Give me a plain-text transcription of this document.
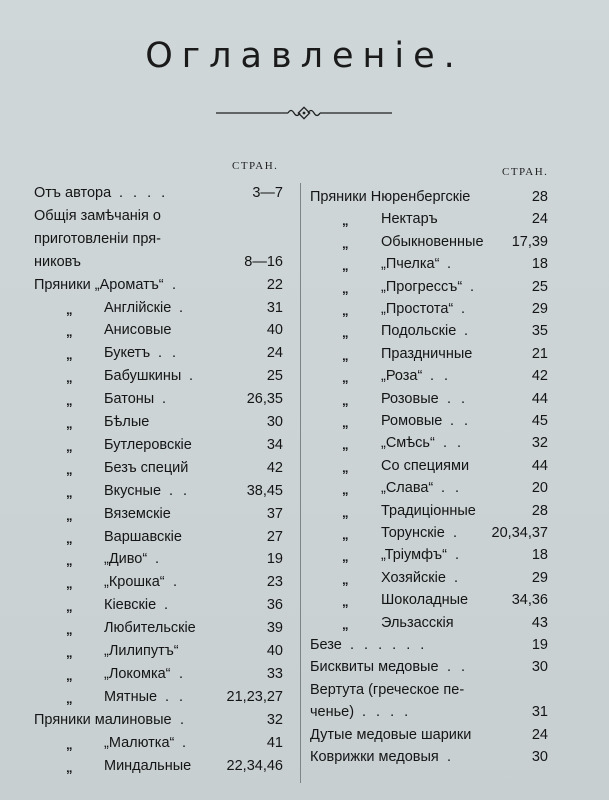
Оглавленіе.
СТРАН.	СТРАН.
Отъ автора . . . .	3—7
Общія замѣчанія о
приготовленіи пря-
никовъ	8—16
Пряники „Ароматъ“ .	22
„ Англійскіе .	31
„ Анисовые	40
„ Букетъ . .	24
„ Бабушкины .	25
„ Батоны .	26,35
„ Бѣлые	30
„ Бутлеровскіе	34
„ Безъ специй	42
„ Вкусные . .	38,45
„ Вяземскіе	37
„ Варшавскіе	27
„ „Диво“ .	19
„ „Крошка“ .	23
„ Кіевскіе .	36
„ Любительскіе	39
„ „Лилипутъ“	40
„ „Локомка“ .	33
„ Мятные . .	21,23,27
Пряники малиновые .	32
„ „Малютка“ .	41
„ Миндальные 22,34,46
Пряники Нюренбергскіе	28
„ Нектаръ	24
„ Обыкновенные 17,39
„ „Пчелка“ .	18
„ „Прогрессъ“ .	25
„ „Простота“ .	29
„ Подольскіе .	35
„ Праздничные	21
„ „Роза“ . .	42
„ Розовые . .	44
„ Ромовые . .	45
„ „Смѣсь“ . .	32
„ Со специями	44
„ „Слава“ . .	20
„ Традиціонные	28
„ Торунскіе . 20,34,37
„ „Тріумфъ“ .	18
„ Хозяйскіе .	29
„ Шоколадные	34,36
„ Эльзасскія	43
Безе . . . . . .	19
Бисквиты медовые . .	30
Вертута (греческое пе-
ченье) . . . .	31
Дутые медовые шарики	24
Коврижки медовыя .	30
